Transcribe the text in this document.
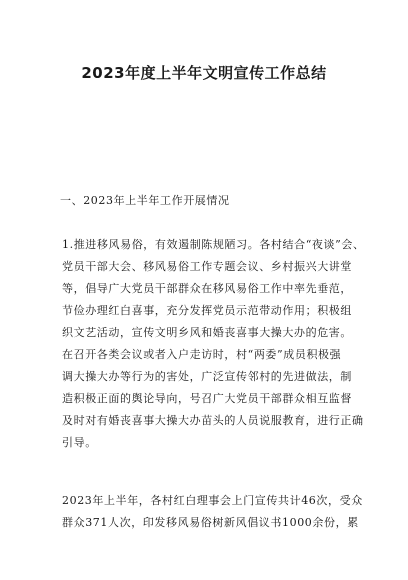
2023年度上半年文明宣传工作总结
一、2023年上半年工作开展情况
1.推进移风易俗，有效遏制陈规陋习。各村结合“夜谈”会、
党员干部大会、移风易俗工作专题会议、乡村振兴大讲堂
等，倡导广大党员干部群众在移风易俗工作中率先垂范，
节俭办理红白喜事，充分发挥党员示范带动作用；积极组
织文艺活动，宣传文明乡风和婚丧喜事大操大办的危害。
在召开各类会议或者入户走访时，村“两委”成员积极强
调大操大办等行为的害处，广泛宣传邻村的先进做法，制
造积极正面的舆论导向，号召广大党员干部群众相互监督
及时对有婚丧喜事大操大办苗头的人员说服教育，进行正确
引导。
2023年上半年，各村红白理事会上门宣传共计46次，受众
群众371人次，印发移风易俗树新风倡议书1000余份，累
